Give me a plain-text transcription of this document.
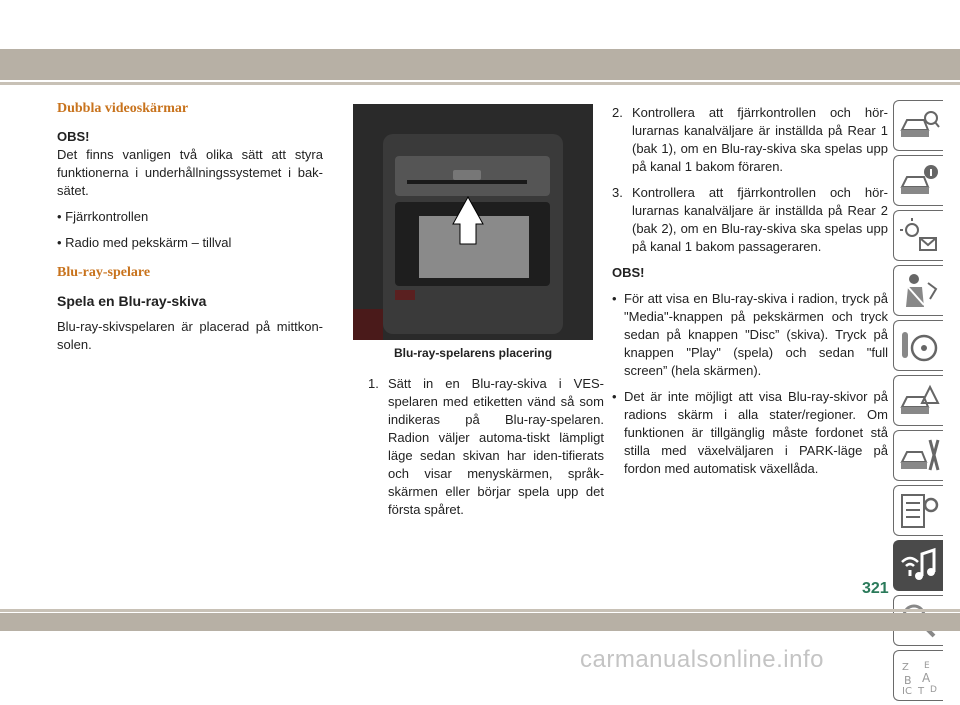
Dubbla videoskärmar
OBS!

Det finns vanligen två olika sätt att styra funktionerna i underhållningssystemet i bak-sätet.

• Fjärrkontrollen
• Radio med pekskärm – tillval
Blu-ray-spelare
Spela en Blu-ray-skiva

Blu-ray-skivspelaren är placerad på mittkon-solen.

Blu-ray-spelarens placering
1. Sätt in en Blu-ray-skiva i VES-spelaren med etiketten vänd så som indikeras på Blu-ray-spelaren. Radion väljer automa-tiskt lämpligt läge sedan skivan har iden-tifierats och visar menyskärmen, språk-skärmen eller börjar spela upp det första spåret.
2. Kontrollera att fjärrkontrollen och hör-lurarnas kanalväljare är inställda på Rear 1 (bak 1), om en Blu-ray-skiva ska spelas upp på kanal 1 bakom föraren.
3. Kontrollera att fjärrkontrollen och hör-lurarnas kanalväljare är inställda på Rear 2 (bak 2), om en Blu-ray-skiva ska spelas upp på kanal 1 bakom passageraren.
OBS!
• För att visa en Blu-ray-skiva i radion, tryck på "Media"-knappen på pekskärmen och tryck sedan på knappen "Disc” (skiva). Tryck på knappen "Play" (spela) och sedan "full screen” (hela skärmen).
• Det är inte möjligt att visa Blu-ray-skivor på radions skärm i alla stater/regioner. Om funktionen är tillgänglig måste fordonet stå stilla med växelväljaren i PARK-läge på fordon med automatisk växellåda.
Z E
B A
IC T D
321
carmanualsonline.info
